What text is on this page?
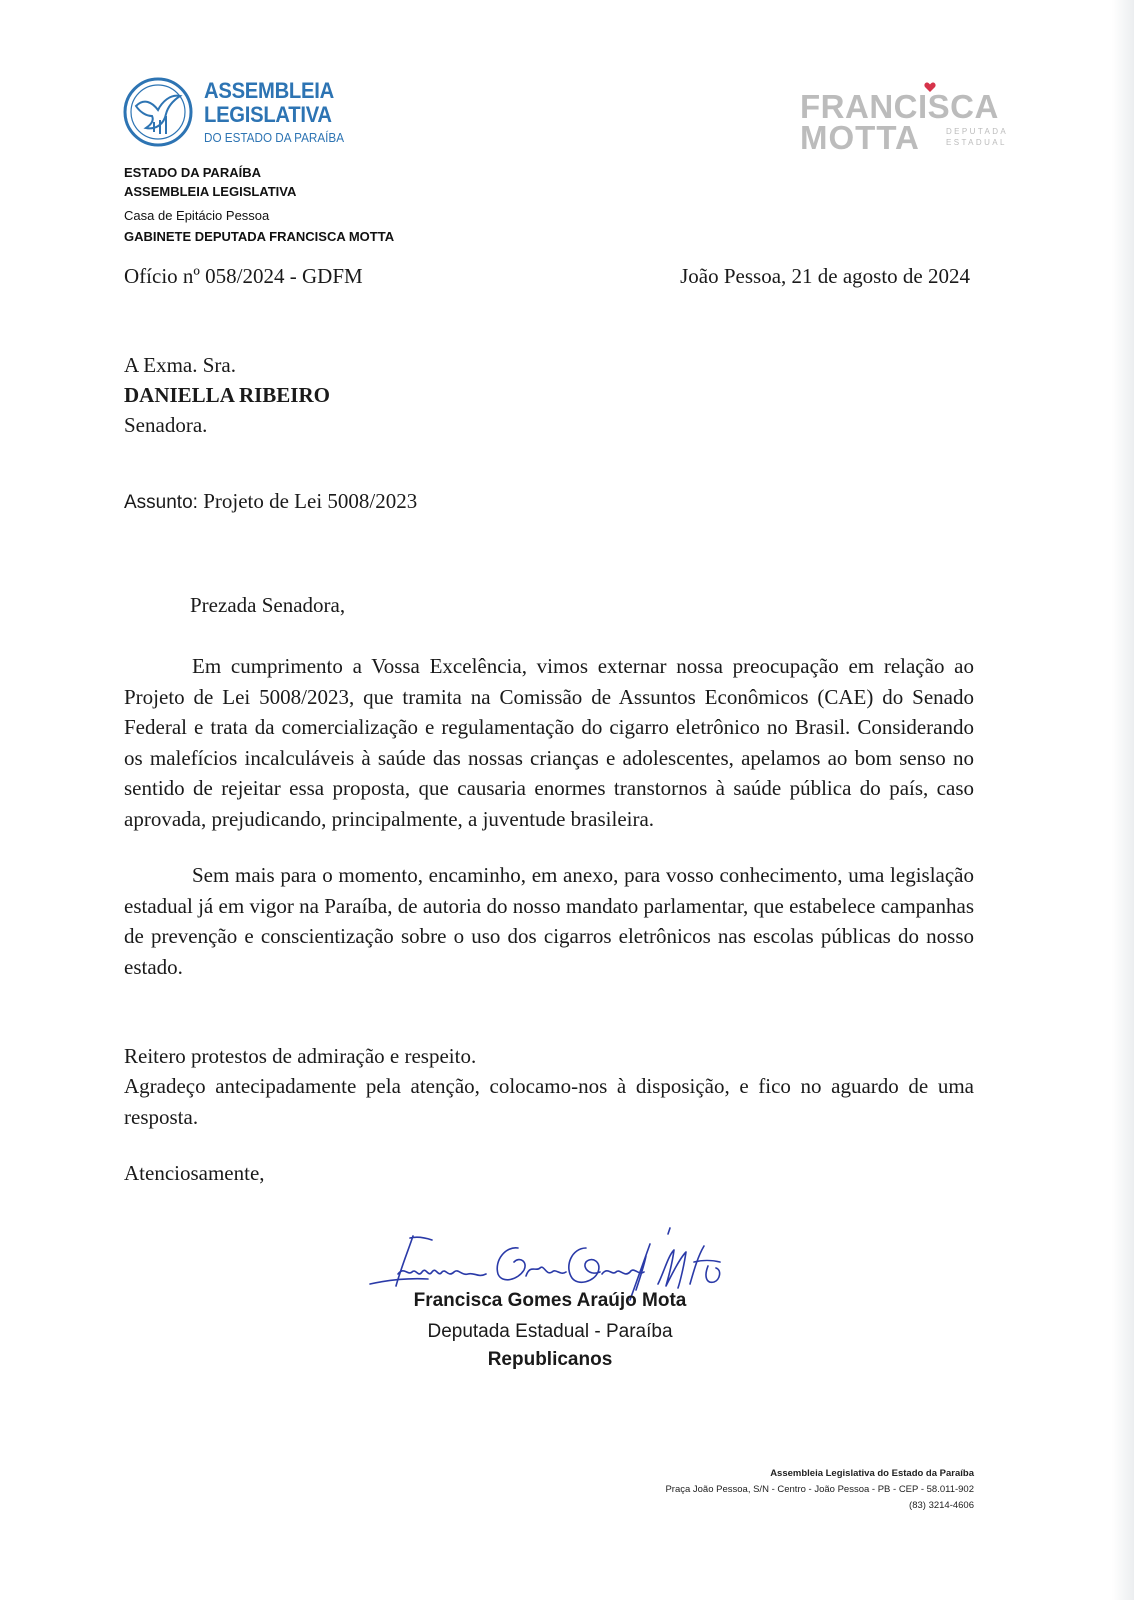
ASSEMBLEIA
LEGISLATIVA
DO ESTADO DA PARAÍBA
FRANCISCA
MOTTA	DEPUTADA
ESTADUAL
ESTADO DA PARAÍBA
ASSEMBLEIA LEGISLATIVA
Casa de Epitácio Pessoa
GABINETE DEPUTADA FRANCISCA MOTTA
Ofício nº 058/2024 - GDFM	João Pessoa, 21 de agosto de 2024
A Exma. Sra.
DANIELLA RIBEIRO
Senadora.
Assunto: Projeto de Lei 5008/2023
Prezada Senadora,
Em cumprimento a Vossa Excelência, vimos externar nossa preocupação em relação ao Projeto de Lei 5008/2023, que tramita na Comissão de Assuntos Econômicos (CAE) do Senado Federal e trata da comercialização e regulamentação do cigarro eletrônico no Brasil. Considerando os malefícios incalculáveis à saúde das nossas crianças e adolescentes, apelamos ao bom senso no sentido de rejeitar essa proposta, que causaria enormes transtornos à saúde pública do país, caso aprovada, prejudicando, principalmente, a juventude brasileira.
Sem mais para o momento, encaminho, em anexo, para vosso conhecimento, uma legislação estadual já em vigor na Paraíba, de autoria do nosso mandato parlamentar, que estabelece campanhas de prevenção e conscientização sobre o uso dos cigarros eletrônicos nas escolas públicas do nosso estado.
Reitero protestos de admiração e respeito.
Agradeço antecipadamente pela atenção, colocamo-nos à disposição, e fico no aguardo de uma resposta.
Atenciosamente,
Francisca Gomes Araújo Mota
Deputada Estadual - Paraíba
Republicanos
Assembleia Legislativa do Estado da Paraíba
Praça João Pessoa, S/N - Centro - João Pessoa - PB - CEP - 58.011-902
(83) 3214-4606
